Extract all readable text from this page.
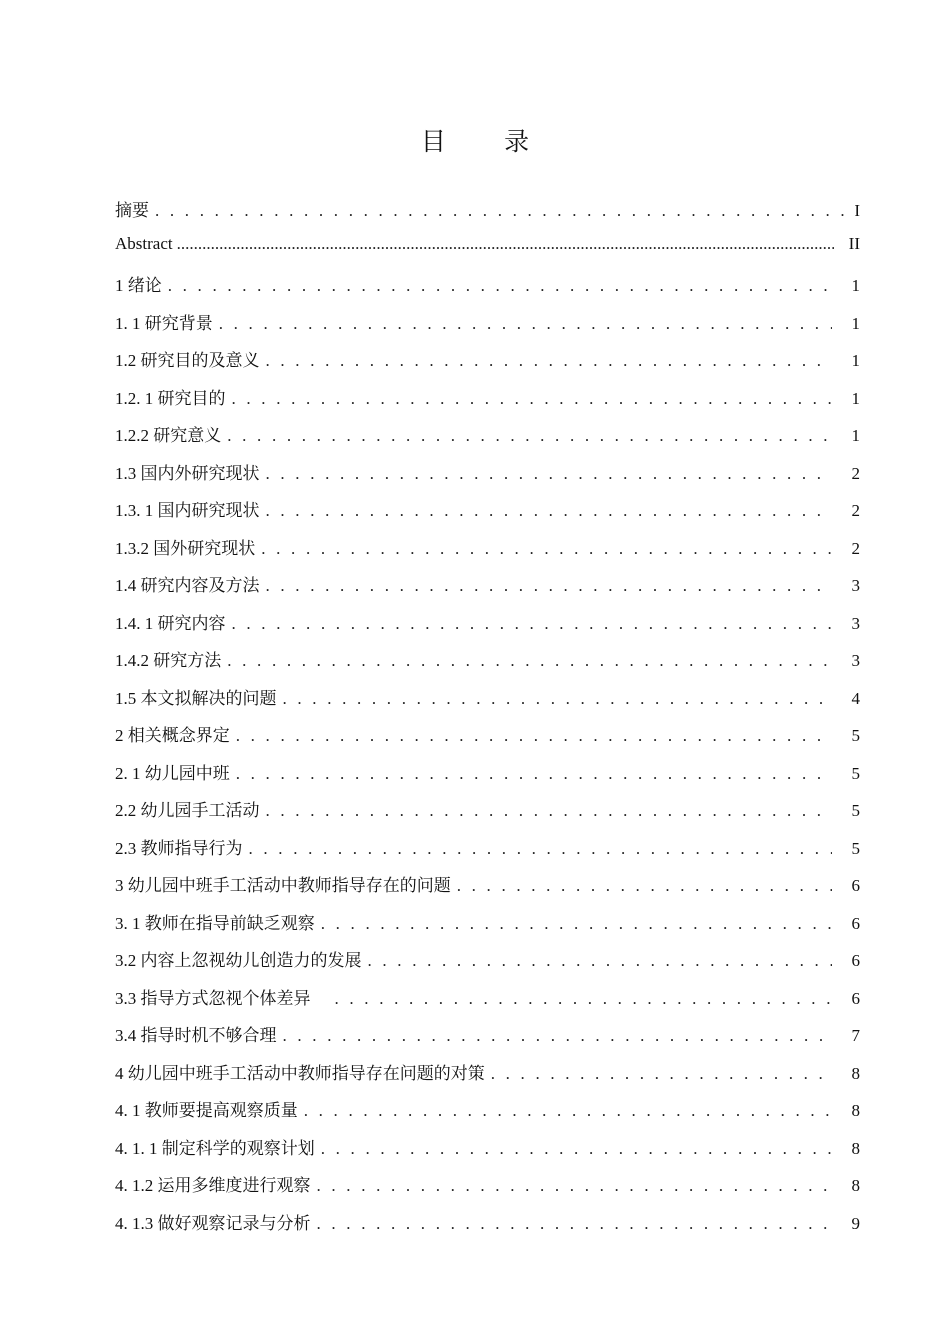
目 录
摘要 . . .	I
Abstract .....	II
1 绪论 . . .	1
1. 1 研究背景 . . .	1
1.2 研究目的及意义 . . .	1
1.2. 1 研究目的 . . .	1
1.2.2 研究意义 . . .	1
1.3 国内外研究现状 . . .	2
1.3. 1 国内研究现状 . . .	2
1.3.2 国外研究现状 . . .	2
1.4 研究内容及方法 . . .	3
1.4. 1 研究内容 . . .	3
1.4.2 研究方法 . . .	3
1.5 本文拟解决的问题 . . .	4
2 相关概念界定 . . .	5
2. 1 幼儿园中班 . . .	5
2.2 幼儿园手工活动 . . .	5
2.3 教师指导行为 . . .	5
3 幼儿园中班手工活动中教师指导存在的问题 . . .	6
3. 1 教师在指导前缺乏观察 . . .	6
3.2 内容上忽视幼儿创造力的发展 . . .	6
3.3 指导方式忽视个体差异 . . .	6
3.4 指导时机不够合理 . . .	7
4 幼儿园中班手工活动中教师指导存在问题的对策 . . .	8
4. 1 教师要提高观察质量 . . .	8
4. 1. 1 制定科学的观察计划 . . .	8
4. 1.2 运用多维度进行观察 . . .	8
4. 1.3 做好观察记录与分析 . . .	9
